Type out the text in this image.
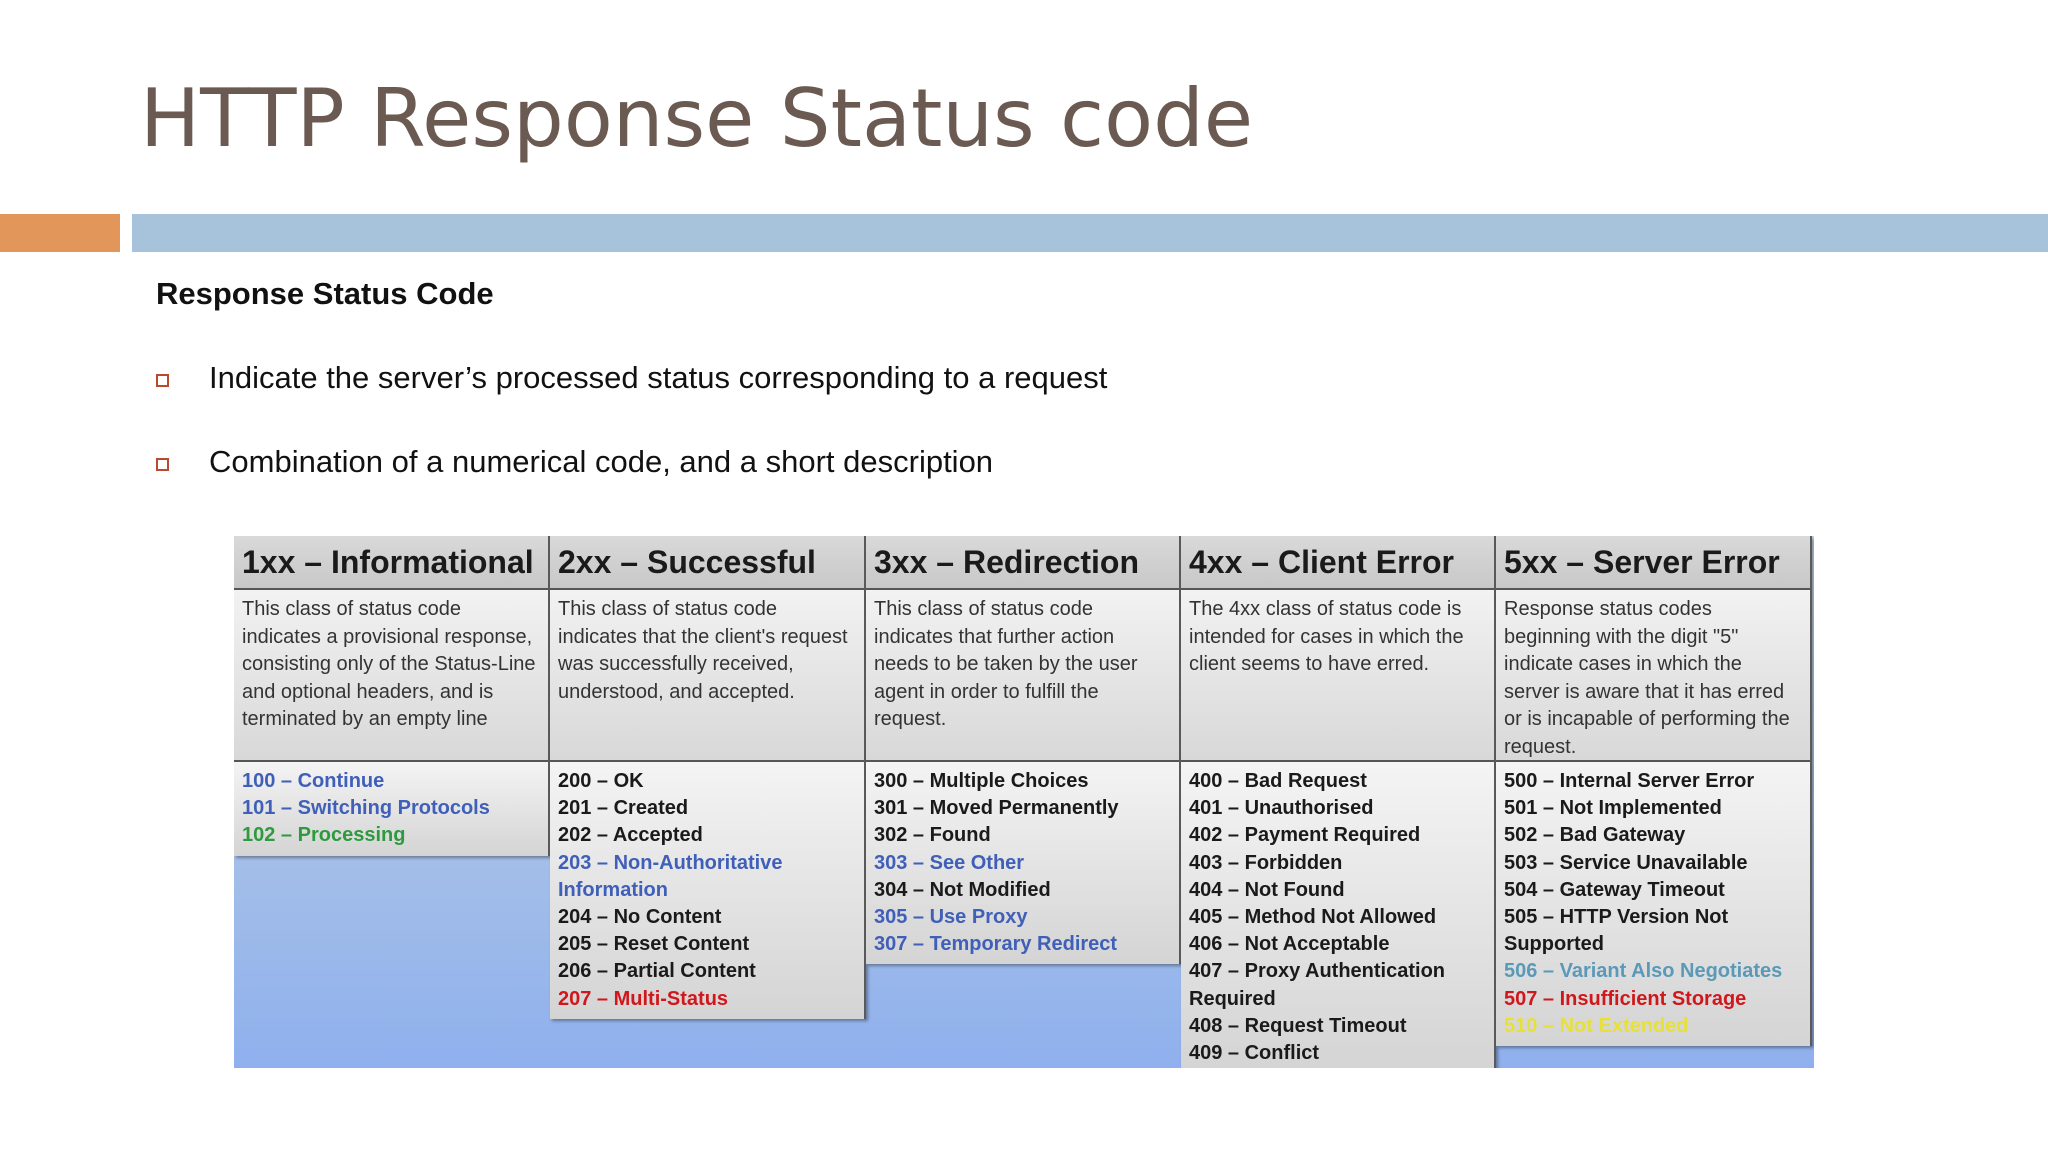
HTTP Response Status code
Response Status Code
Indicate the server’s processed status corresponding to a request
Combination of a numerical code, and a short description
1xx – Informational
This class of status code indicates a provisional response, consisting only of the Status-Line and optional headers, and is terminated by an empty line
100 – Continue
101 – Switching Protocols
102 – Processing
2xx – Successful
This class of status code indicates that the client's request was successfully received, understood, and accepted.
200 – OK
201 – Created
202 – Accepted
203 – Non-Authoritative Information
204 – No Content
205 – Reset Content
206 – Partial Content
207 – Multi-Status
3xx – Redirection
This class of status code indicates that further action needs to be taken by the user agent in order to fulfill the request.
300 – Multiple Choices
301 – Moved Permanently
302 – Found
303 – See Other
304 – Not Modified
305 – Use Proxy
307 – Temporary Redirect
4xx – Client Error
The 4xx class of status code is intended for cases in which the client seems to have erred.
400 – Bad Request
401 – Unauthorised
402 – Payment Required
403 – Forbidden
404 – Not Found
405 – Method Not Allowed
406 – Not Acceptable
407 – Proxy Authentication Required
408 – Request Timeout
409 – Conflict
5xx – Server Error
Response status codes beginning with the digit "5" indicate cases in which the server is aware that it has erred or is incapable of performing the request.
500 – Internal Server Error
501 – Not Implemented
502 – Bad Gateway
503 – Service Unavailable
504 – Gateway Timeout
505 – HTTP Version Not Supported
506 – Variant Also Negotiates
507 – Insufficient Storage
510 – Not Extended
